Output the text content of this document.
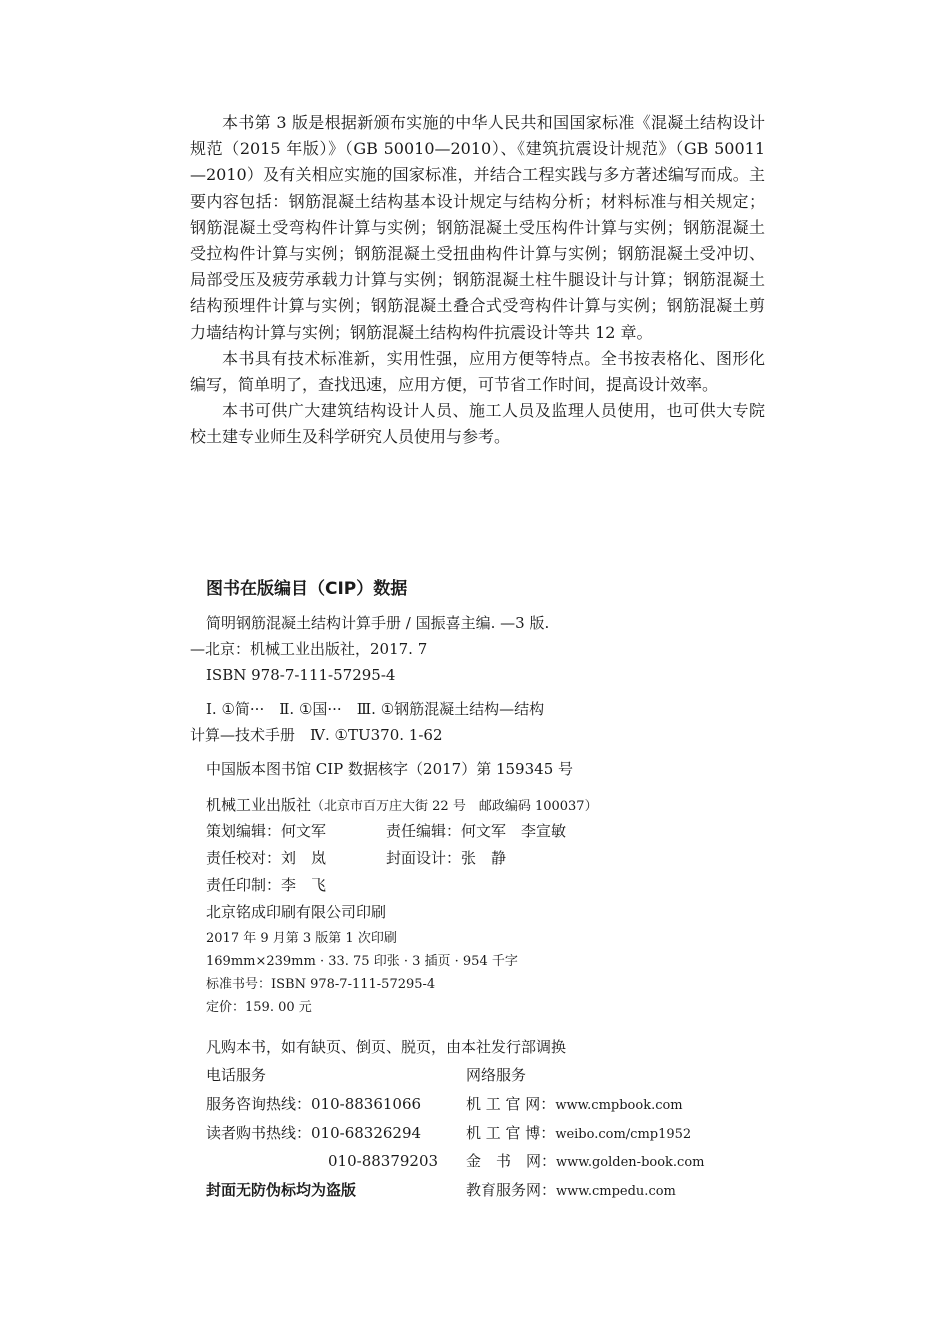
本书第 3 版是根据新颁布实施的中华人民共和国国家标准《混凝土结构设计规范（2015 年版）》（GB 50010—2010）、《建筑抗震设计规范》（GB 50011—2010）及有关相应实施的国家标准，并结合工程实践与多方著述编写而成。主要内容包括：钢筋混凝土结构基本设计规定与结构分析；材料标准与相关规定；钢筋混凝土受弯构件计算与实例；钢筋混凝土受压构件计算与实例；钢筋混凝土受拉构件计算与实例；钢筋混凝土受扭曲构件计算与实例；钢筋混凝土受冲切、局部受压及疲劳承载力计算与实例；钢筋混凝土柱牛腿设计与计算；钢筋混凝土结构预埋件计算与实例；钢筋混凝土叠合式受弯构件计算与实例；钢筋混凝土剪力墙结构计算与实例；钢筋混凝土结构构件抗震设计等共 12 章。

本书具有技术标准新，实用性强，应用方便等特点。全书按表格化、图形化编写，简单明了，查找迅速，应用方便，可节省工作时间，提高设计效率。

本书可供广大建筑结构设计人员、施工人员及监理人员使用，也可供大专院校土建专业师生及科学研究人员使用与参考。

图书在版编目（CIP）数据
简明钢筋混凝土结构计算手册 / 国振喜主编. —3 版.
—北京：机械工业出版社，2017. 7
ISBN 978-7-111-57295-4
Ⅰ. ①简···　Ⅱ. ①国···　Ⅲ. ①钢筋混凝土结构—结构
计算—技术手册　Ⅳ. ①TU370. 1-62
中国版本图书馆 CIP 数据核字（2017）第 159345 号
机械工业出版社（北京市百万庄大街 22 号　邮政编码 100037）
策划编辑：何文军	责任编辑：何文军　李宣敏
责任校对：刘　岚	封面设计：张　静
责任印制：李　飞
北京铭成印刷有限公司印刷
2017 年 9 月第 3 版第 1 次印刷
169mm×239mm · 33. 75 印张 · 3 插页 · 954 千字
标准书号：ISBN 978-7-111-57295-4
定价：159. 00 元
凡购本书，如有缺页、倒页、脱页，由本社发行部调换
电话服务	网络服务
服务咨询热线：010-88361066	机 工 官 网：www.cmpbook.com
读者购书热线：010-68326294	机 工 官 博：weibo.com/cmp1952
010-88379203 金　书　网：www.golden-book.com
封面无防伪标均为盗版	教育服务网：www.cmpedu.com
